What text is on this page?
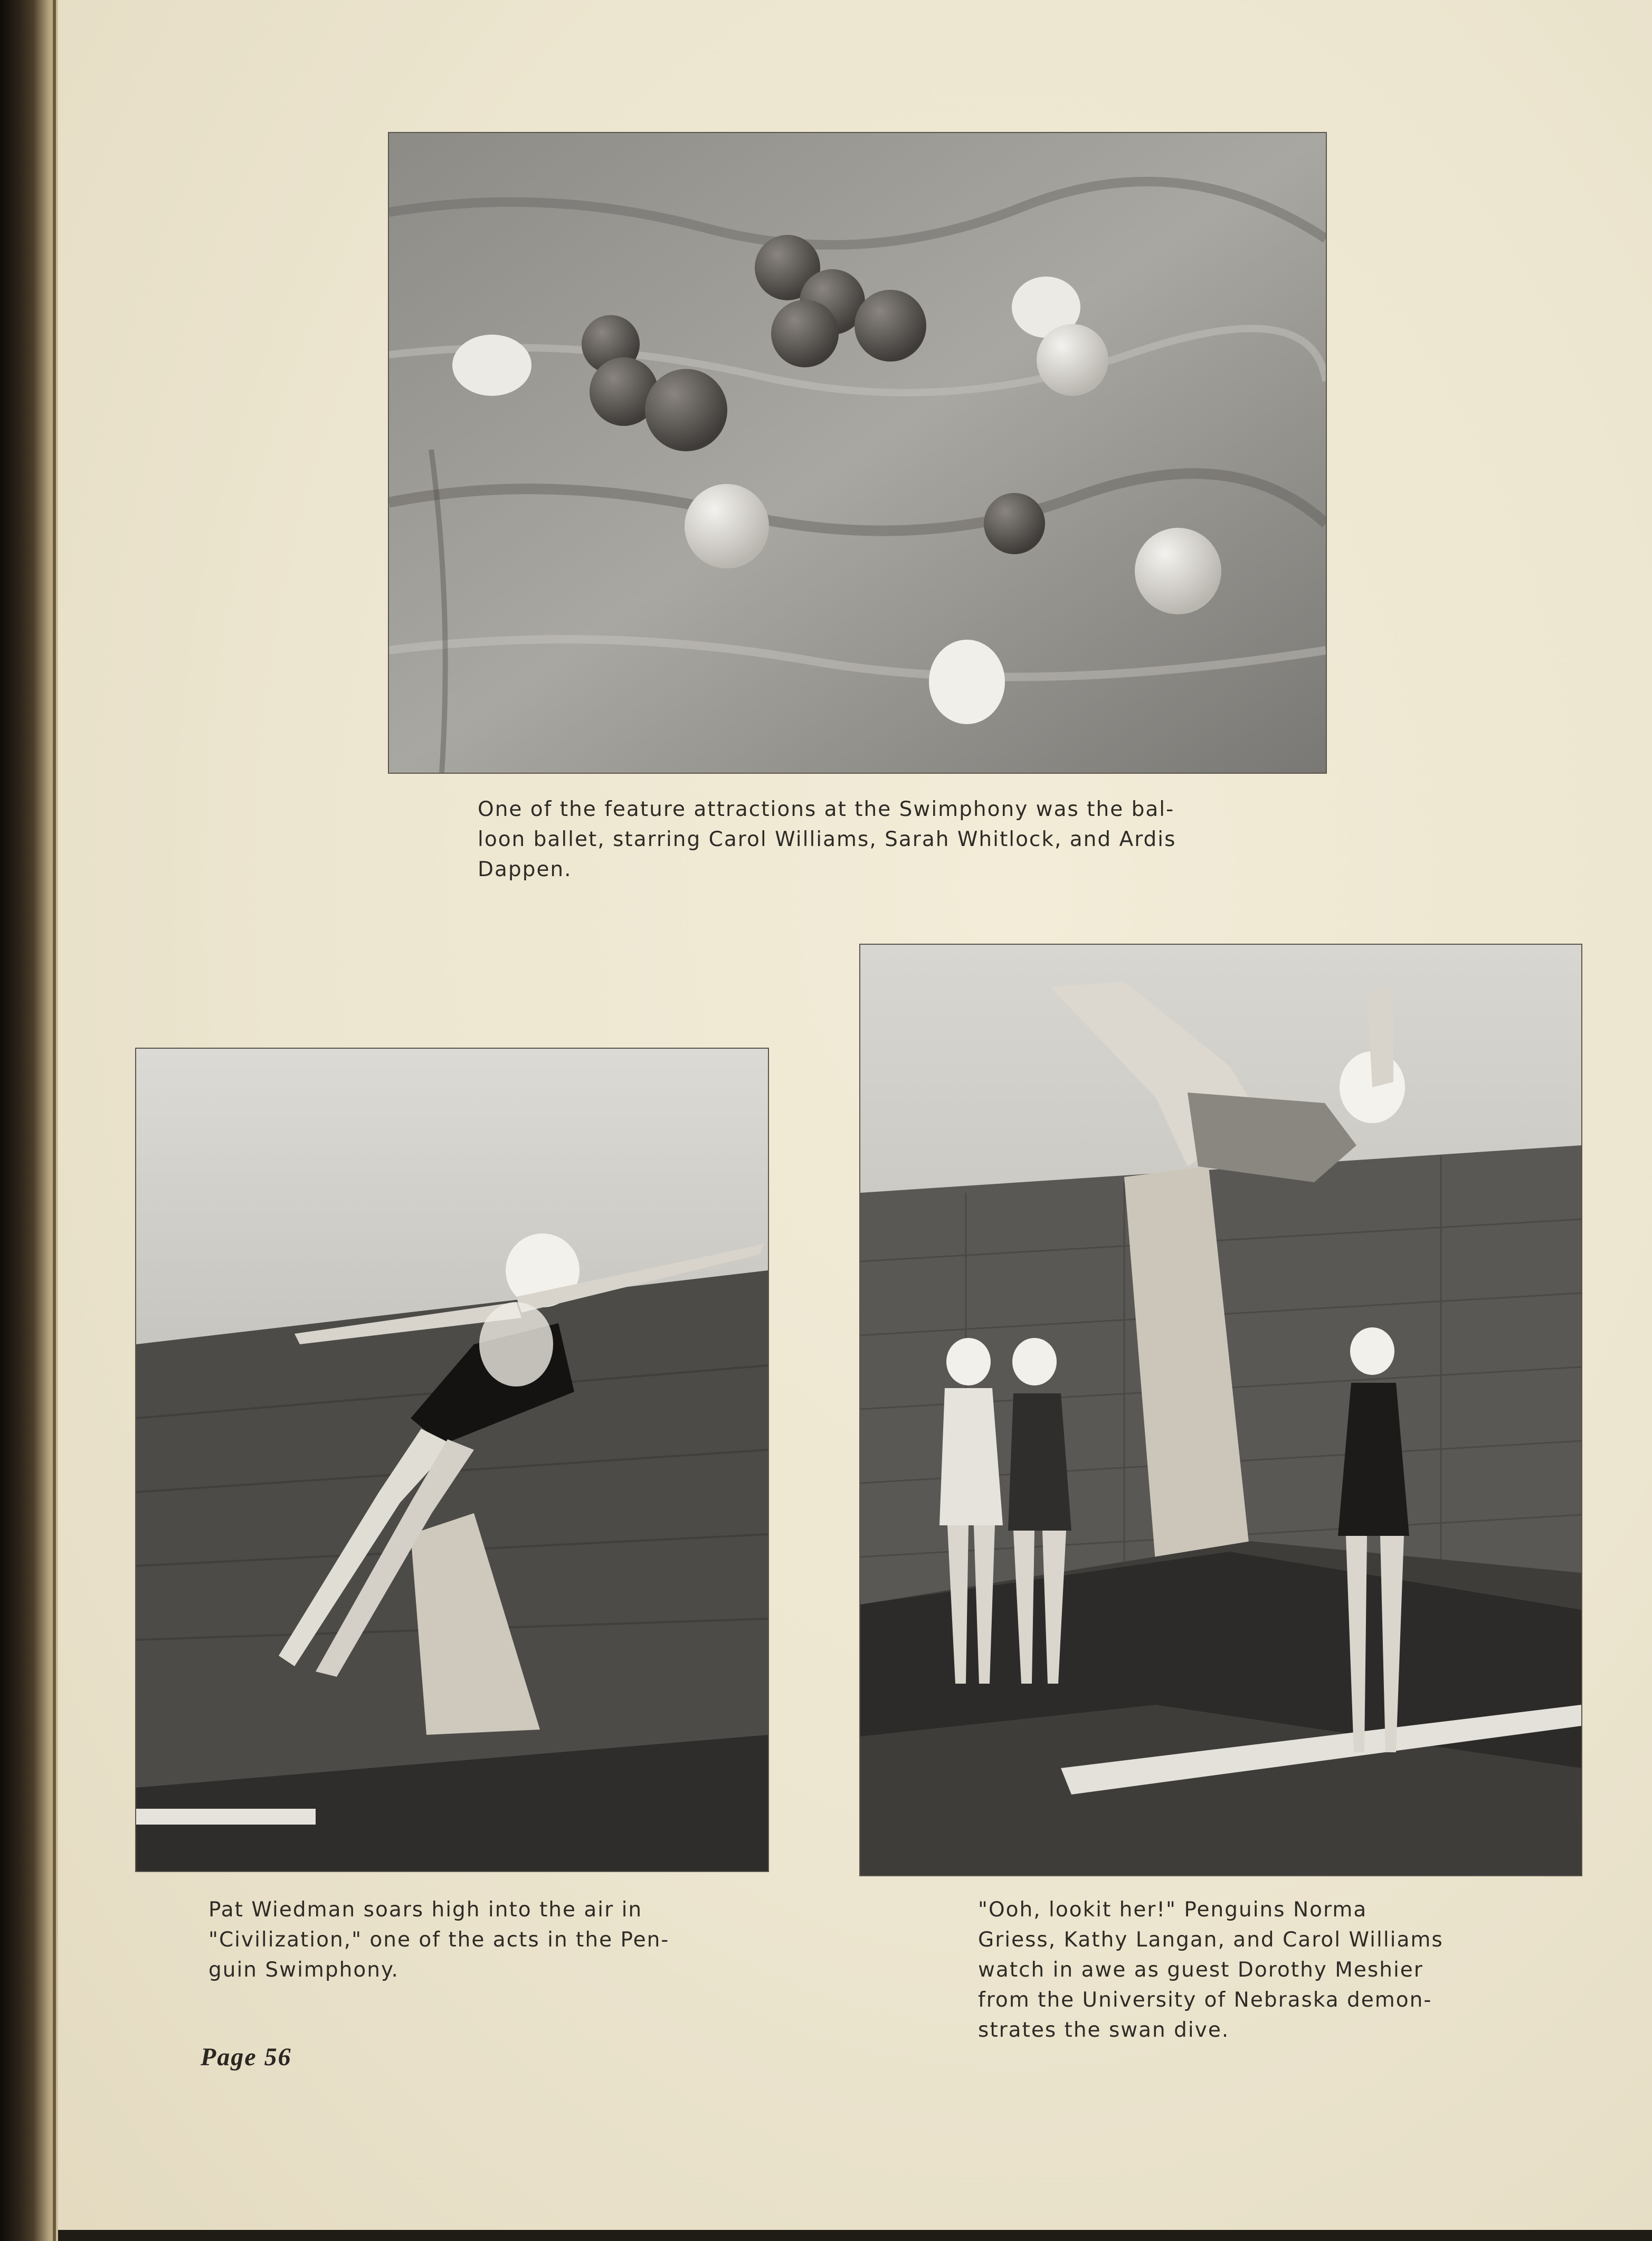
One of the feature attractions at the Swimphony was the bal-
loon ballet, starring Carol Williams, Sarah Whitlock, and Ardis
Dappen.
Pat Wiedman soars high into the air in
"Civilization," one of the acts in the Pen-
guin Swimphony.
"Ooh, lookit her!" Penguins Norma
Griess, Kathy Langan, and Carol Williams
watch in awe as guest Dorothy Meshier
from the University of Nebraska demon-
strates the swan dive.
Page 56
